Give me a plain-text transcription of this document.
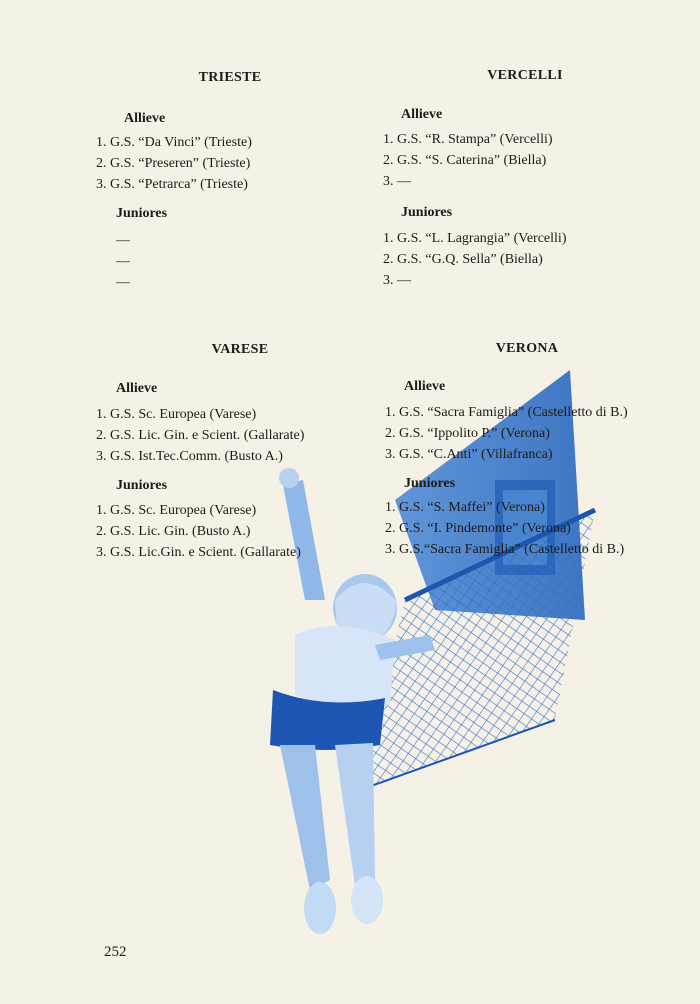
TRIESTE
Allieve
1. G.S. “Da Vinci” (Trieste)
2. G.S. “Preseren” (Trieste)
3. G.S. “Petrarca” (Trieste)
Juniores
––
––
––
VERCELLI
Allieve
1. G.S. “R. Stampa” (Vercelli)
2. G.S. “S. Caterina” (Biella)
3. ––
Juniores
1. G.S. “L. Lagrangia” (Vercelli)
2. G.S. “G.Q. Sella” (Biella)
3. ––
VARESE
Allieve
1. G.S. Sc. Europea (Varese)
2. G.S. Lic. Gin. e Scient. (Gallarate)
3. G.S. Ist.Tec.Comm. (Busto A.)
Juniores
1. G.S. Sc. Europea (Varese)
2. G.S. Lic. Gin. (Busto A.)
3. G.S. Lic.Gin. e Scient. (Gallarate)
VERONA
Allieve
1. G.S. “Sacra Famiglia” (Castelletto di B.)
2. G.S. “Ippolito P.” (Verona)
3. G.S. “C.Anti” (Villafranca)
Juniores
1. G.S. “S. Maffei” (Verona)
2. G.S. “I. Pindemonte” (Verona)
3. G.S.“Sacra Famiglia” (Castelletto di B.)
252
